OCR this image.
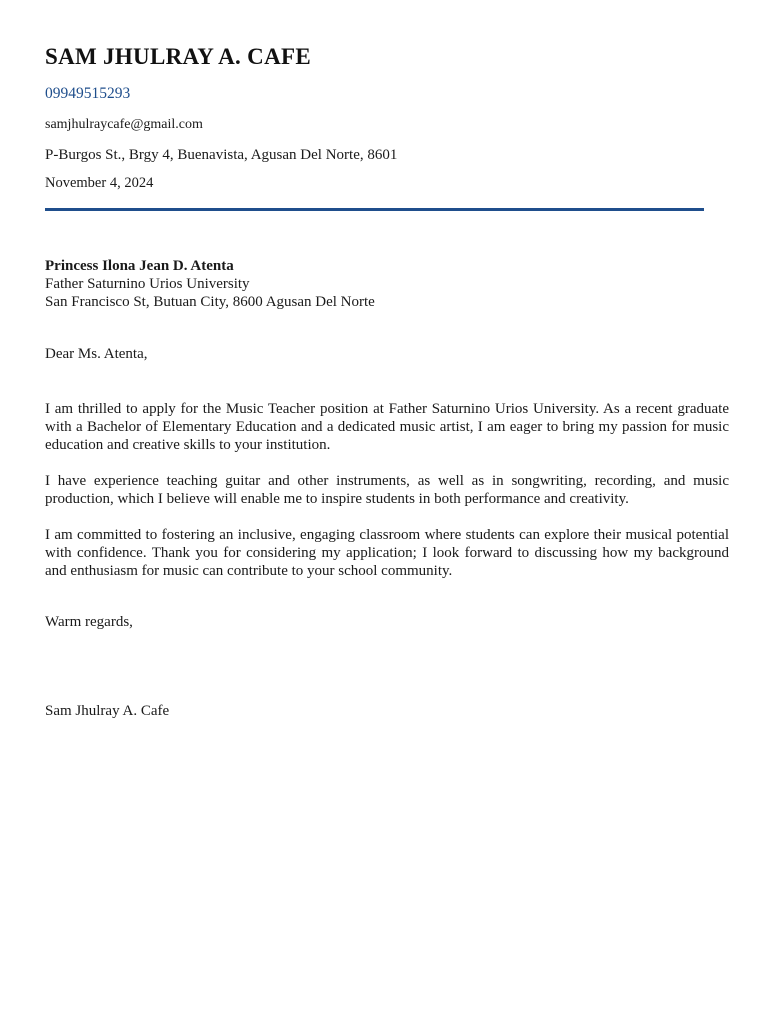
SAM JHULRAY A. CAFE
09949515293
samjhulraycafe@gmail.com
P-Burgos St., Brgy 4, Buenavista, Agusan Del Norte, 8601
November 4, 2024
Princess Ilona Jean D. Atenta
Father Saturnino Urios University
San Francisco St, Butuan City, 8600 Agusan Del Norte
Dear Ms. Atenta,

I am thrilled to apply for the Music Teacher position at Father Saturnino Urios University. As a recent graduate with a Bachelor of Elementary Education and a dedicated music artist, I am eager to bring my passion for music education and creative skills to your institution.

I have experience teaching guitar and other instruments, as well as in songwriting, recording, and music production, which I believe will enable me to inspire students in both performance and creativity.

I am committed to fostering an inclusive, engaging classroom where students can explore their musical potential with confidence. Thank you for considering my application; I look forward to discussing how my background and enthusiasm for music can contribute to your school community.

Warm regards,
Sam Jhulray A. Cafe
